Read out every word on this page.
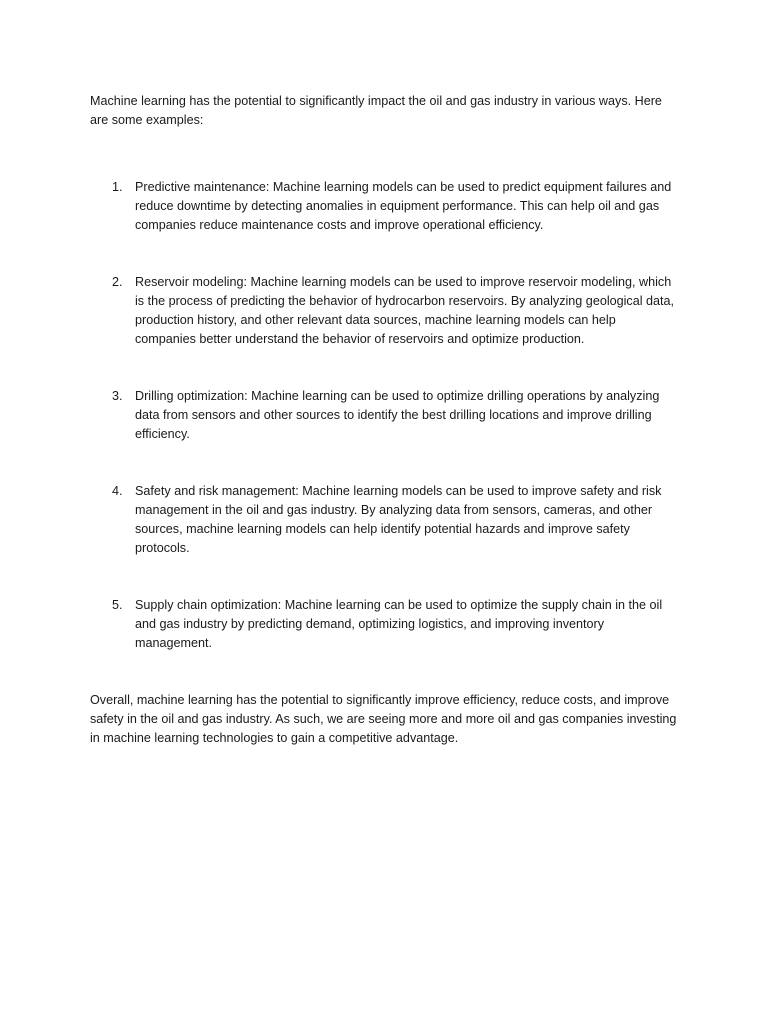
Machine learning has the potential to significantly impact the oil and gas industry in various ways. Here are some examples:

1. Predictive maintenance: Machine learning models can be used to predict equipment failures and reduce downtime by detecting anomalies in equipment performance. This can help oil and gas companies reduce maintenance costs and improve operational efficiency.
2. Reservoir modeling: Machine learning models can be used to improve reservoir modeling, which is the process of predicting the behavior of hydrocarbon reservoirs. By analyzing geological data, production history, and other relevant data sources, machine learning models can help companies better understand the behavior of reservoirs and optimize production.
3. Drilling optimization: Machine learning can be used to optimize drilling operations by analyzing data from sensors and other sources to identify the best drilling locations and improve drilling efficiency.
4. Safety and risk management: Machine learning models can be used to improve safety and risk management in the oil and gas industry. By analyzing data from sensors, cameras, and other sources, machine learning models can help identify potential hazards and improve safety protocols.
5. Supply chain optimization: Machine learning can be used to optimize the supply chain in the oil and gas industry by predicting demand, optimizing logistics, and improving inventory management.

Overall, machine learning has the potential to significantly improve efficiency, reduce costs, and improve safety in the oil and gas industry. As such, we are seeing more and more oil and gas companies investing in machine learning technologies to gain a competitive advantage.
